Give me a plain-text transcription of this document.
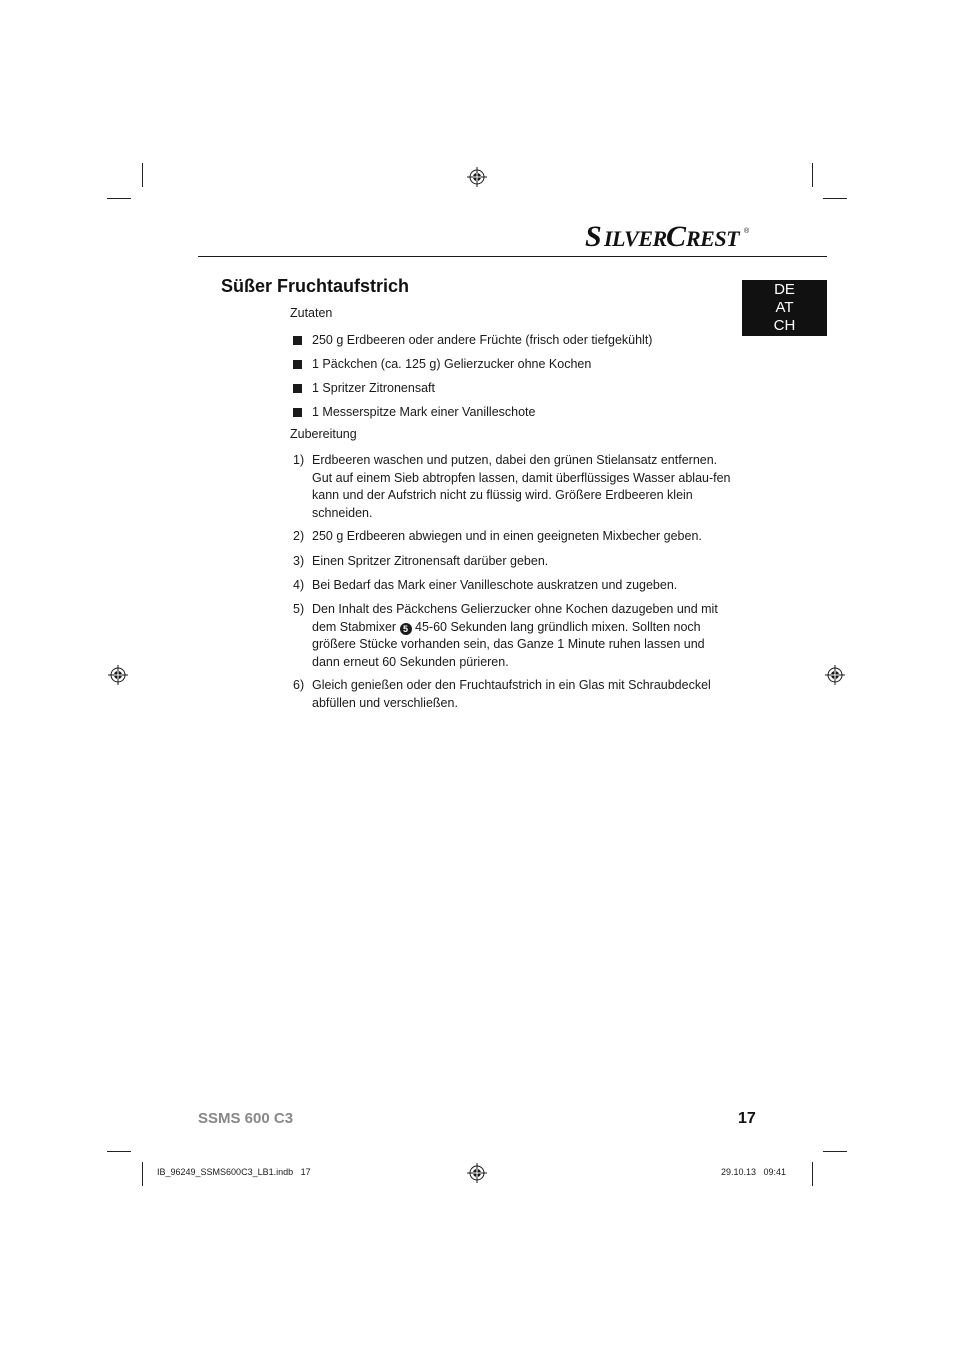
S ILVER C REST ®
DE
AT
CH
Süßer Fruchtaufstrich
Zutaten
250 g Erdbeeren oder andere Früchte (frisch oder tiefgekühlt)
1 Päckchen (ca. 125 g) Gelierzucker ohne Kochen
1 Spritzer Zitronensaft
1 Messerspitze Mark einer Vanilleschote
Zubereitung
1) Erdbeeren waschen und putzen, dabei den grünen Stielansatz entfernen. Gut auf einem Sieb abtropfen lassen, damit überflüssiges Wasser ablau-fen kann und der Aufstrich nicht zu flüssig wird. Größere Erdbeeren klein schneiden.
2) 250 g Erdbeeren abwiegen und in einen geeigneten Mixbecher geben.
3) Einen Spritzer Zitronensaft darüber geben.
4) Bei Bedarf das Mark einer Vanilleschote auskratzen und zugeben.
5) Den Inhalt des Päckchens Gelierzucker ohne Kochen dazugeben und mit dem Stabmixer 5 45-60 Sekunden lang gründlich mixen. Sollten noch größere Stücke vorhanden sein, das Ganze 1 Minute ruhen lassen und dann erneut 60 Sekunden pürieren.
6) Gleich genießen oder den Fruchtaufstrich in ein Glas mit Schraubdeckel abfüllen und verschließen.
SSMS 600 C3	17
IB_96249_SSMS600C3_LB1.indb   17	29.10.13   09:41
